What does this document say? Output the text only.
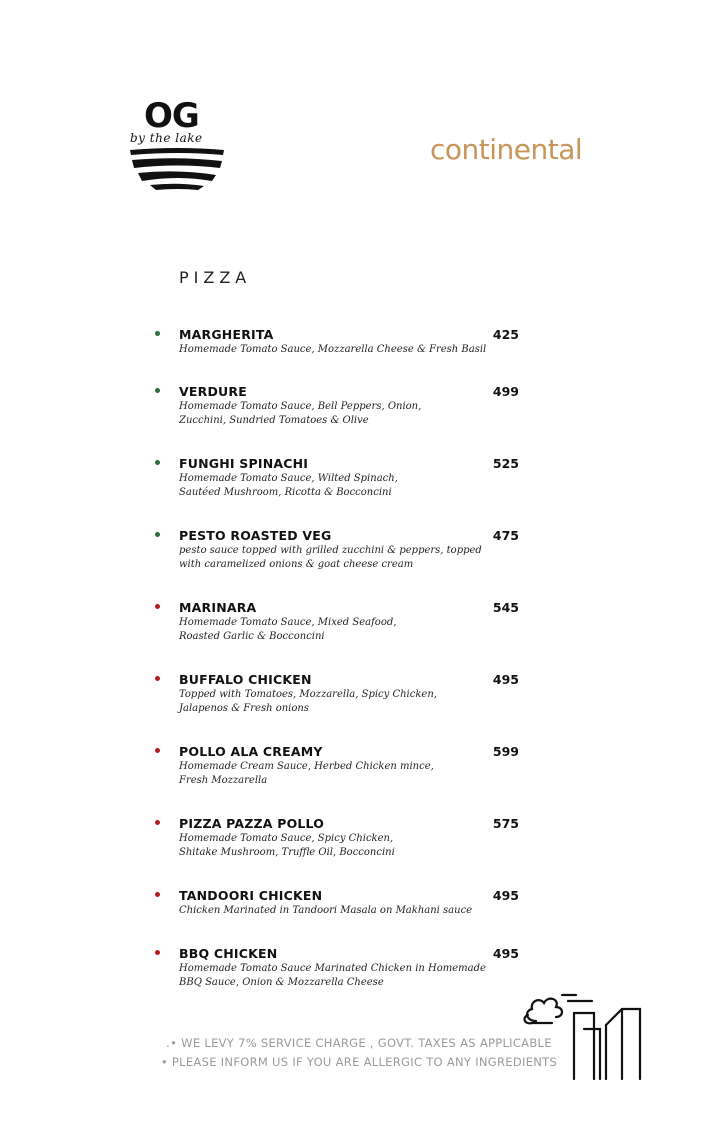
OG
by the lake	continental
PIZZA
MARGHERITA	425
Homemade Tomato Sauce, Mozzarella Cheese & Fresh Basil
VERDURE	499
Homemade Tomato Sauce, Bell Peppers, Onion,
Zucchini, Sundried Tomatoes & Olive
FUNGHI SPINACHI	525
Homemade Tomato Sauce, Wilted Spinach,
Sautéed Mushroom, Ricotta & Bocconcini
PESTO ROASTED VEG	475
pesto sauce topped with grilled zucchini & peppers, topped
with caramelized onions & goat cheese cream
MARINARA	545
Homemade Tomato Sauce, Mixed Seafood,
Roasted Garlic & Bocconcini
BUFFALO CHICKEN	495
Topped with Tomatoes, Mozzarella, Spicy Chicken,
Jalapenos & Fresh onions
POLLO ALA CREAMY	599
Homemade Cream Sauce, Herbed Chicken mince,
Fresh Mozzarella
PIZZA PAZZA POLLO	575
Homemade Tomato Sauce, Spicy Chicken,
Shitake Mushroom, Truffle Oil, Bocconcini
TANDOORI CHICKEN	495
Chicken Marinated in Tandoori Masala on Makhani sauce
BBQ CHICKEN	495
Homemade Tomato Sauce Marinated Chicken in Homemade
BBQ Sauce, Onion & Mozzarella Cheese
.• WE LEVY 7% SERVICE CHARGE , GOVT. TAXES AS APPLICABLE
• PLEASE INFORM US IF YOU ARE ALLERGIC TO ANY INGREDIENTS
